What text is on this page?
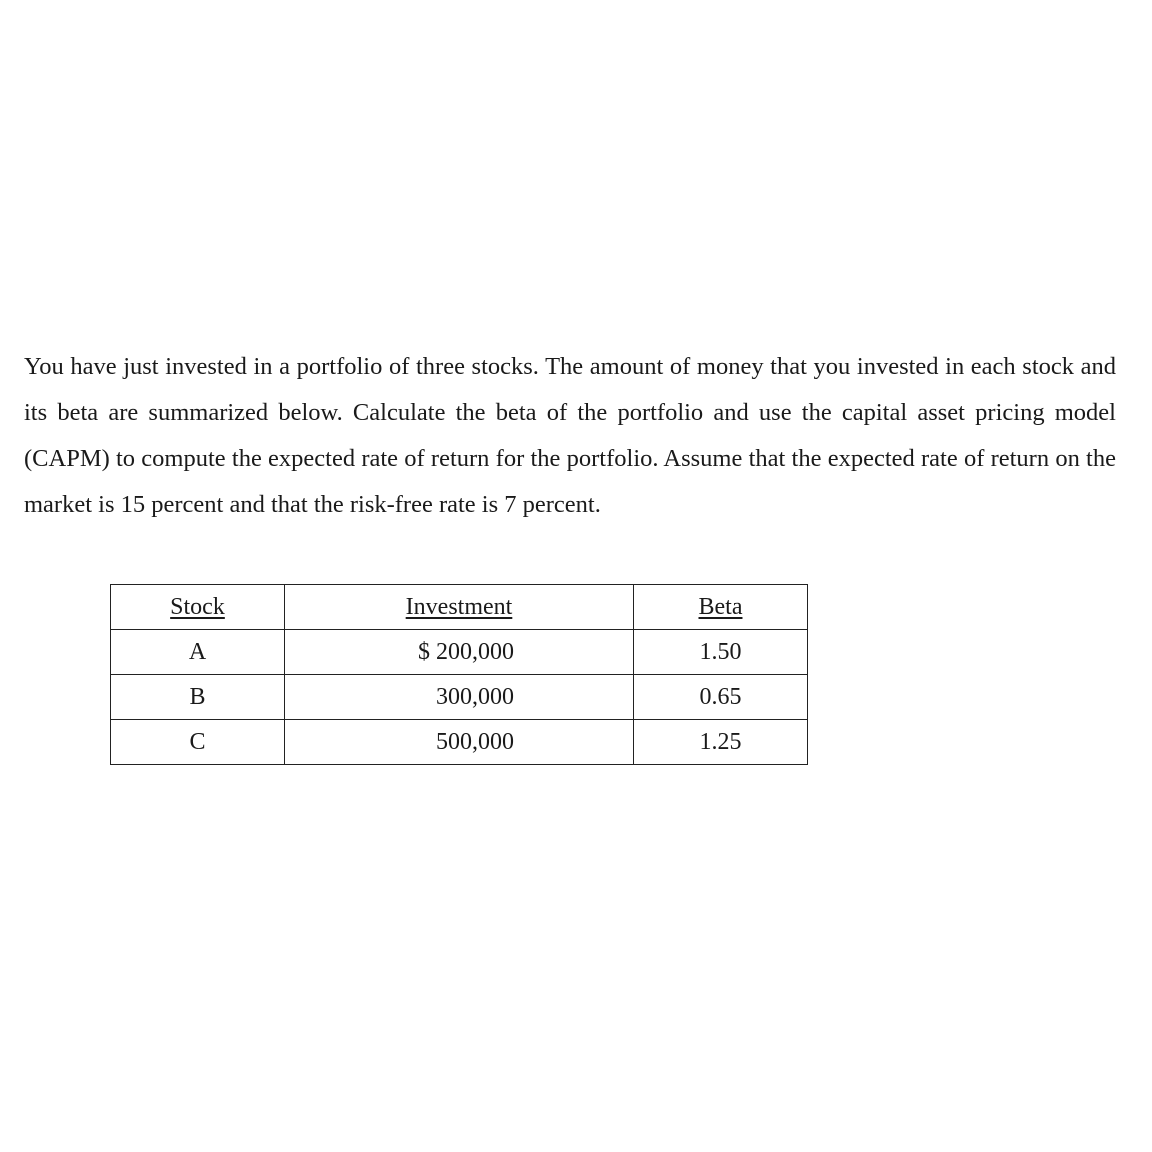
You have just invested in a portfolio of three stocks. The amount of money that you invested in each stock and its beta are summarized below. Calculate the beta of the portfolio and use the capital asset pricing model (CAPM) to compute the expected rate of return for the portfolio. Assume that the expected rate of return on the market is 15 percent and that the risk-free rate is 7 percent.

Stock	Investment	Beta
A	$ 200,000	1.50
B	300,000	0.65
C	500,000	1.25
